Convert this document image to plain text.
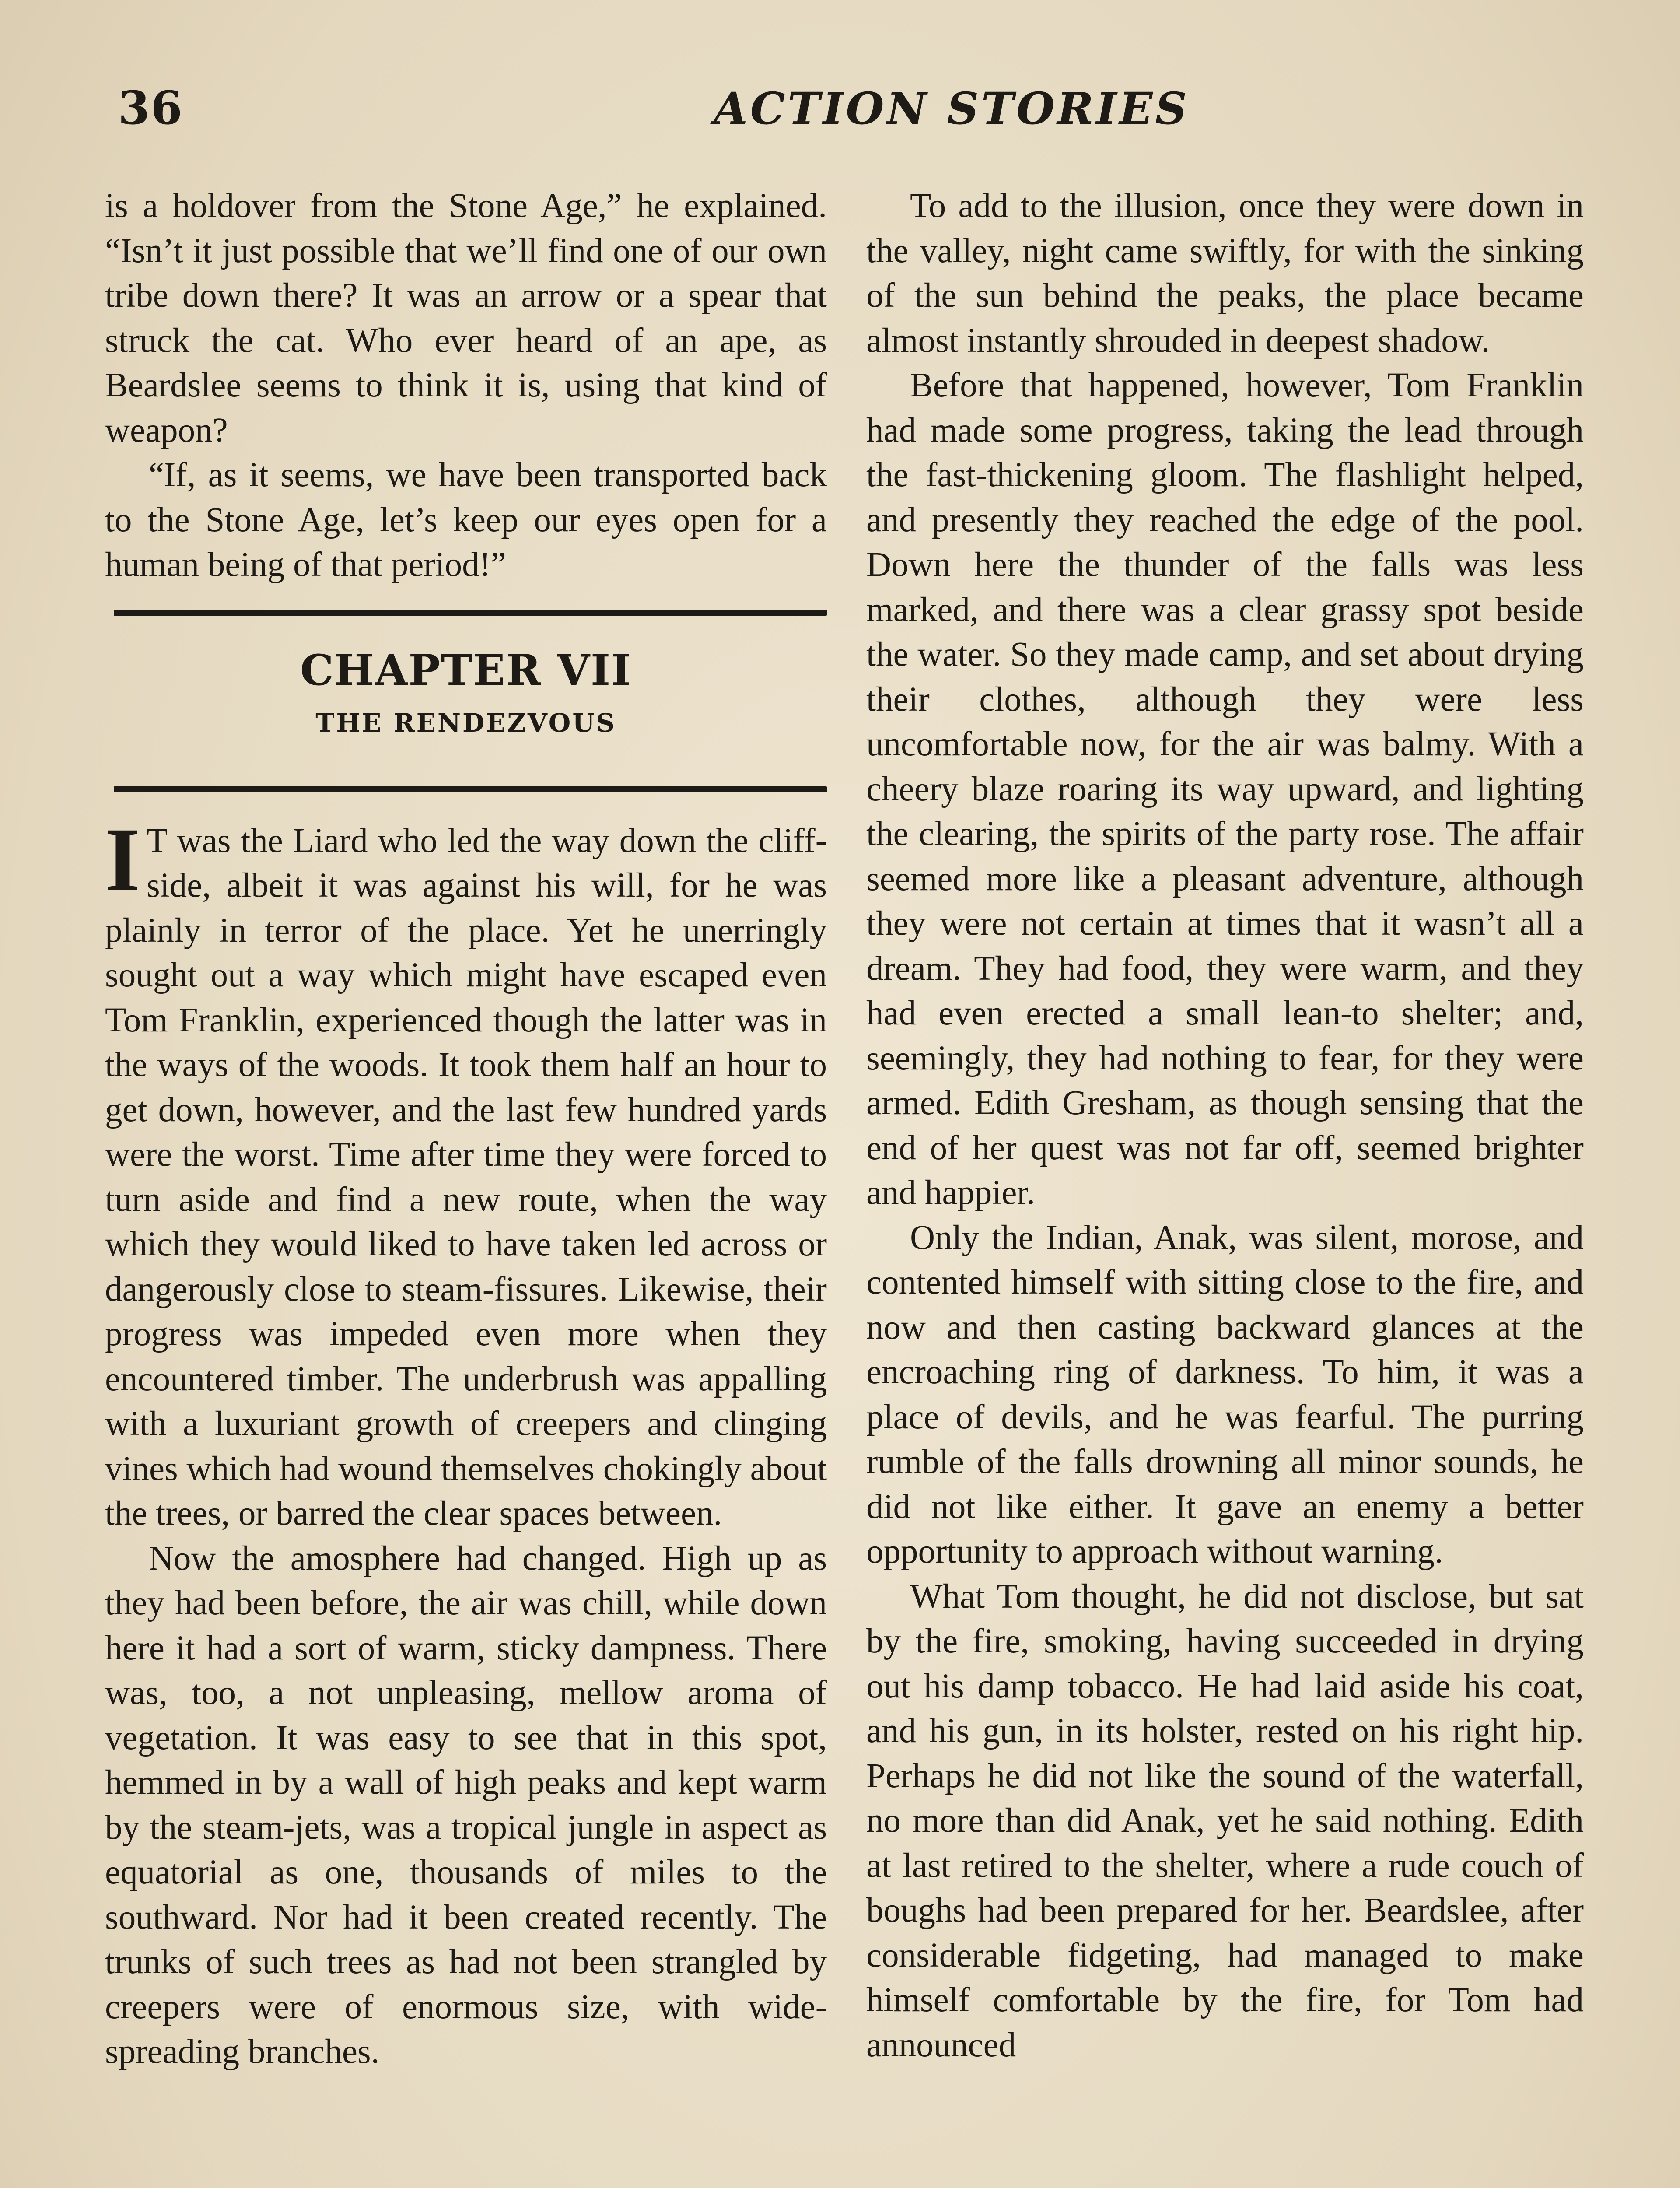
36	ACTION STORIES

is a holdover from the Stone Age,” he explained. “Isn’t it just possible that we’ll find one of our own tribe down there? It was an arrow or a spear that struck the cat. Who ever heard of an ape, as Beardslee seems to think it is, using that kind of weapon?

“If, as it seems, we have been transported back to the Stone Age, let’s keep our eyes open for a human being of that period!”

CHAPTER VII
THE RENDEZVOUS

I T was the Liard who led the way down the cliff-side, albeit it was against his will, for he was plainly in terror of the place. Yet he unerringly sought out a way which might have escaped even Tom Franklin, experienced though the latter was in the ways of the woods. It took them half an hour to get down, however, and the last few hundred yards were the worst. Time after time they were forced to turn aside and find a new route, when the way which they would liked to have taken led across or dangerously close to steam-fissures. Likewise, their progress was impeded even more when they encountered timber. The underbrush was appalling with a luxuriant growth of creepers and clinging vines which had wound themselves chokingly about the trees, or barred the clear spaces between.

Now the amosphere had changed. High up as they had been before, the air was chill, while down here it had a sort of warm, sticky dampness. There was, too, a not unpleasing, mellow aroma of vegetation. It was easy to see that in this spot, hemmed in by a wall of high peaks and kept warm by the steam-jets, was a tropical jungle in aspect as equatorial as one, thousands of miles to the southward. Nor had it been created recently. The trunks of such trees as had not been strangled by creepers were of enormous size, with wide-spreading branches.

To add to the illusion, once they were down in the valley, night came swiftly, for with the sinking of the sun behind the peaks, the place became almost instantly shrouded in deepest shadow.

Before that happened, however, Tom Franklin had made some progress, taking the lead through the fast-thickening gloom. The flashlight helped, and presently they reached the edge of the pool. Down here the thunder of the falls was less marked, and there was a clear grassy spot beside the water. So they made camp, and set about drying their clothes, although they were less uncomfortable now, for the air was balmy. With a cheery blaze roaring its way upward, and lighting the clearing, the spirits of the party rose. The affair seemed more like a pleasant adventure, although they were not certain at times that it wasn’t all a dream. They had food, they were warm, and they had even erected a small lean-to shelter; and, seemingly, they had nothing to fear, for they were armed. Edith Gresham, as though sensing that the end of her quest was not far off, seemed brighter and happier.

Only the Indian, Anak, was silent, morose, and contented himself with sitting close to the fire, and now and then casting backward glances at the encroaching ring of darkness. To him, it was a place of devils, and he was fearful. The purring rumble of the falls drowning all minor sounds, he did not like either. It gave an enemy a better opportunity to approach without warning.

What Tom thought, he did not disclose, but sat by the fire, smoking, having succeeded in drying out his damp tobacco. He had laid aside his coat, and his gun, in its holster, rested on his right hip. Perhaps he did not like the sound of the waterfall, no more than did Anak, yet he said nothing. Edith at last retired to the shelter, where a rude couch of boughs had been prepared for her. Beardslee, after considerable fidgeting, had managed to make himself comfortable by the fire, for Tom had announced
